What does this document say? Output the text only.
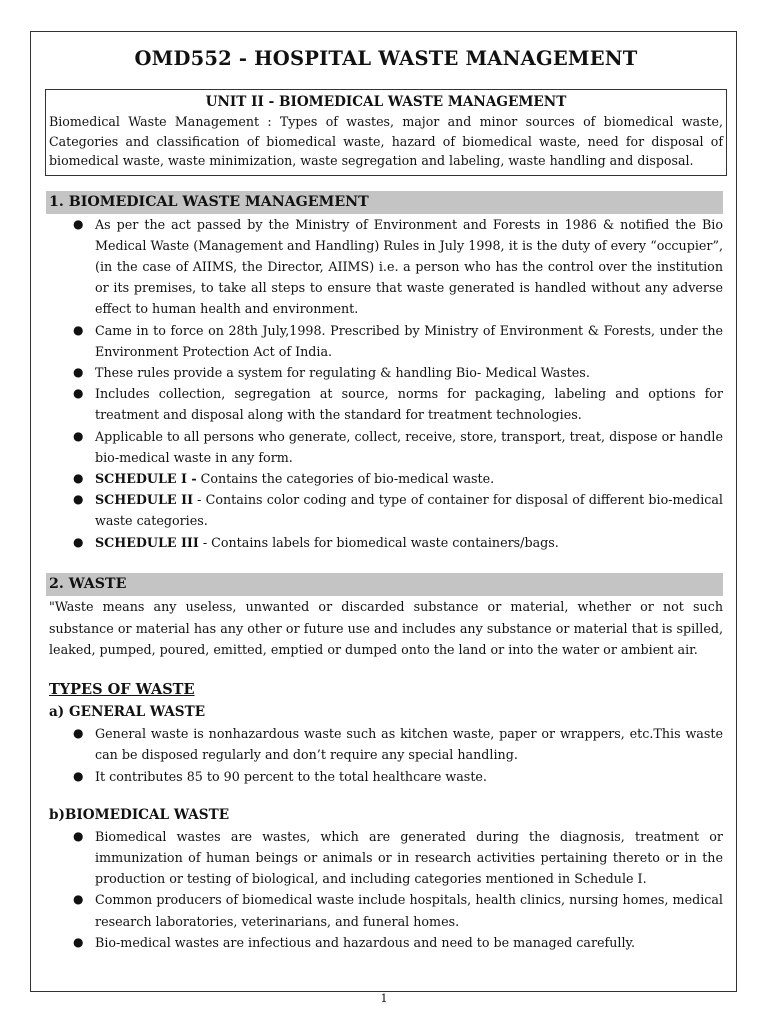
OMD552 - HOSPITAL WASTE MANAGEMENT
UNIT II - BIOMEDICAL WASTE MANAGEMENT
Biomedical Waste Management : Types of wastes, major and minor sources of biomedical waste, Categories and classification of biomedical waste, hazard of biomedical waste, need for disposal of biomedical waste, waste minimization, waste segregation and labeling, waste handling and disposal.
1. BIOMEDICAL WASTE MANAGEMENT
● As per the act passed by the Ministry of Environment and Forests in 1986 & notified the Bio Medical Waste (Management and Handling) Rules in July 1998, it is the duty of every “occupier”, (in the case of AIIMS, the Director, AIIMS) i.e. a person who has the control over the institution or its premises, to take all steps to ensure that waste generated is handled without any adverse effect to human health and environment.
● Came in to force on 28th July,1998. Prescribed by Ministry of Environment & Forests, under the Environment Protection Act of India.
● These rules provide a system for regulating & handling Bio- Medical Wastes.
● Includes collection, segregation at source, norms for packaging, labeling and options for treatment and disposal along with the standard for treatment technologies.
● Applicable to all persons who generate, collect, receive, store, transport, treat, dispose or handle bio-medical waste in any form.
● SCHEDULE I - Contains the categories of bio-medical waste.
● SCHEDULE II - Contains color coding and type of container for disposal of different bio-medical waste categories.
● SCHEDULE III - Contains labels for biomedical waste containers/bags.
2. WASTE
"Waste means any useless, unwanted or discarded substance or material, whether or not such substance or material has any other or future use and includes any substance or material that is spilled, leaked, pumped, poured, emitted, emptied or dumped onto the land or into the water or ambient air.
TYPES OF WASTE
a) GENERAL WASTE
● General waste is nonhazardous waste such as kitchen waste, paper or wrappers, etc.This waste can be disposed regularly and don’t require any special handling.
● It contributes 85 to 90 percent to the total healthcare waste.
b)BIOMEDICAL WASTE
● Biomedical wastes are wastes, which are generated during the diagnosis, treatment or immunization of human beings or animals or in research activities pertaining thereto or in the production or testing of biological, and including categories mentioned in Schedule I.
● Common producers of biomedical waste include hospitals, health clinics, nursing homes, medical research laboratories, veterinarians, and funeral homes.
● Bio-medical wastes are infectious and hazardous and need to be managed carefully.
1
